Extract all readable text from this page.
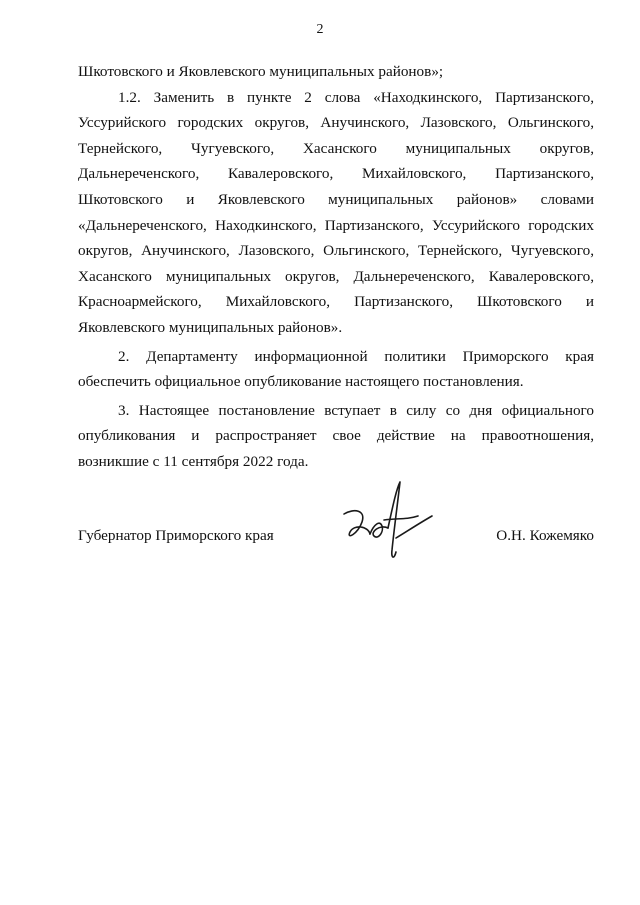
2

Шкотовского и Яковлевского муниципальных районов»;

1.2. Заменить в пункте 2 слова «Находкинского, Партизанского, Уссурийского городских округов, Анучинского, Лазовского, Ольгинского, Тернейского, Чугуевского, Хасанского муниципальных округов, Дальнереченского, Кавалеровского, Михайловского, Партизанского, Шкотовского и Яковлевского муниципальных районов» словами «Дальнереченского, Находкинского, Партизанского, Уссурийского городских округов, Анучинского, Лазовского, Ольгинского, Тернейского, Чугуевского, Хасанского муниципальных округов, Дальнереченского, Кавалеровского, Красноармейского, Михайловского, Партизанского, Шкотовского и Яковлевского муниципальных районов».

2. Департаменту информационной политики Приморского края обеспечить официальное опубликование настоящего постановления.

3. Настоящее постановление вступает в силу со дня официального опубликования и распространяет свое действие на правоотношения, возникшие с 11 сентября 2022 года.

Губернатор Приморского края	О.Н. Кожемяко
